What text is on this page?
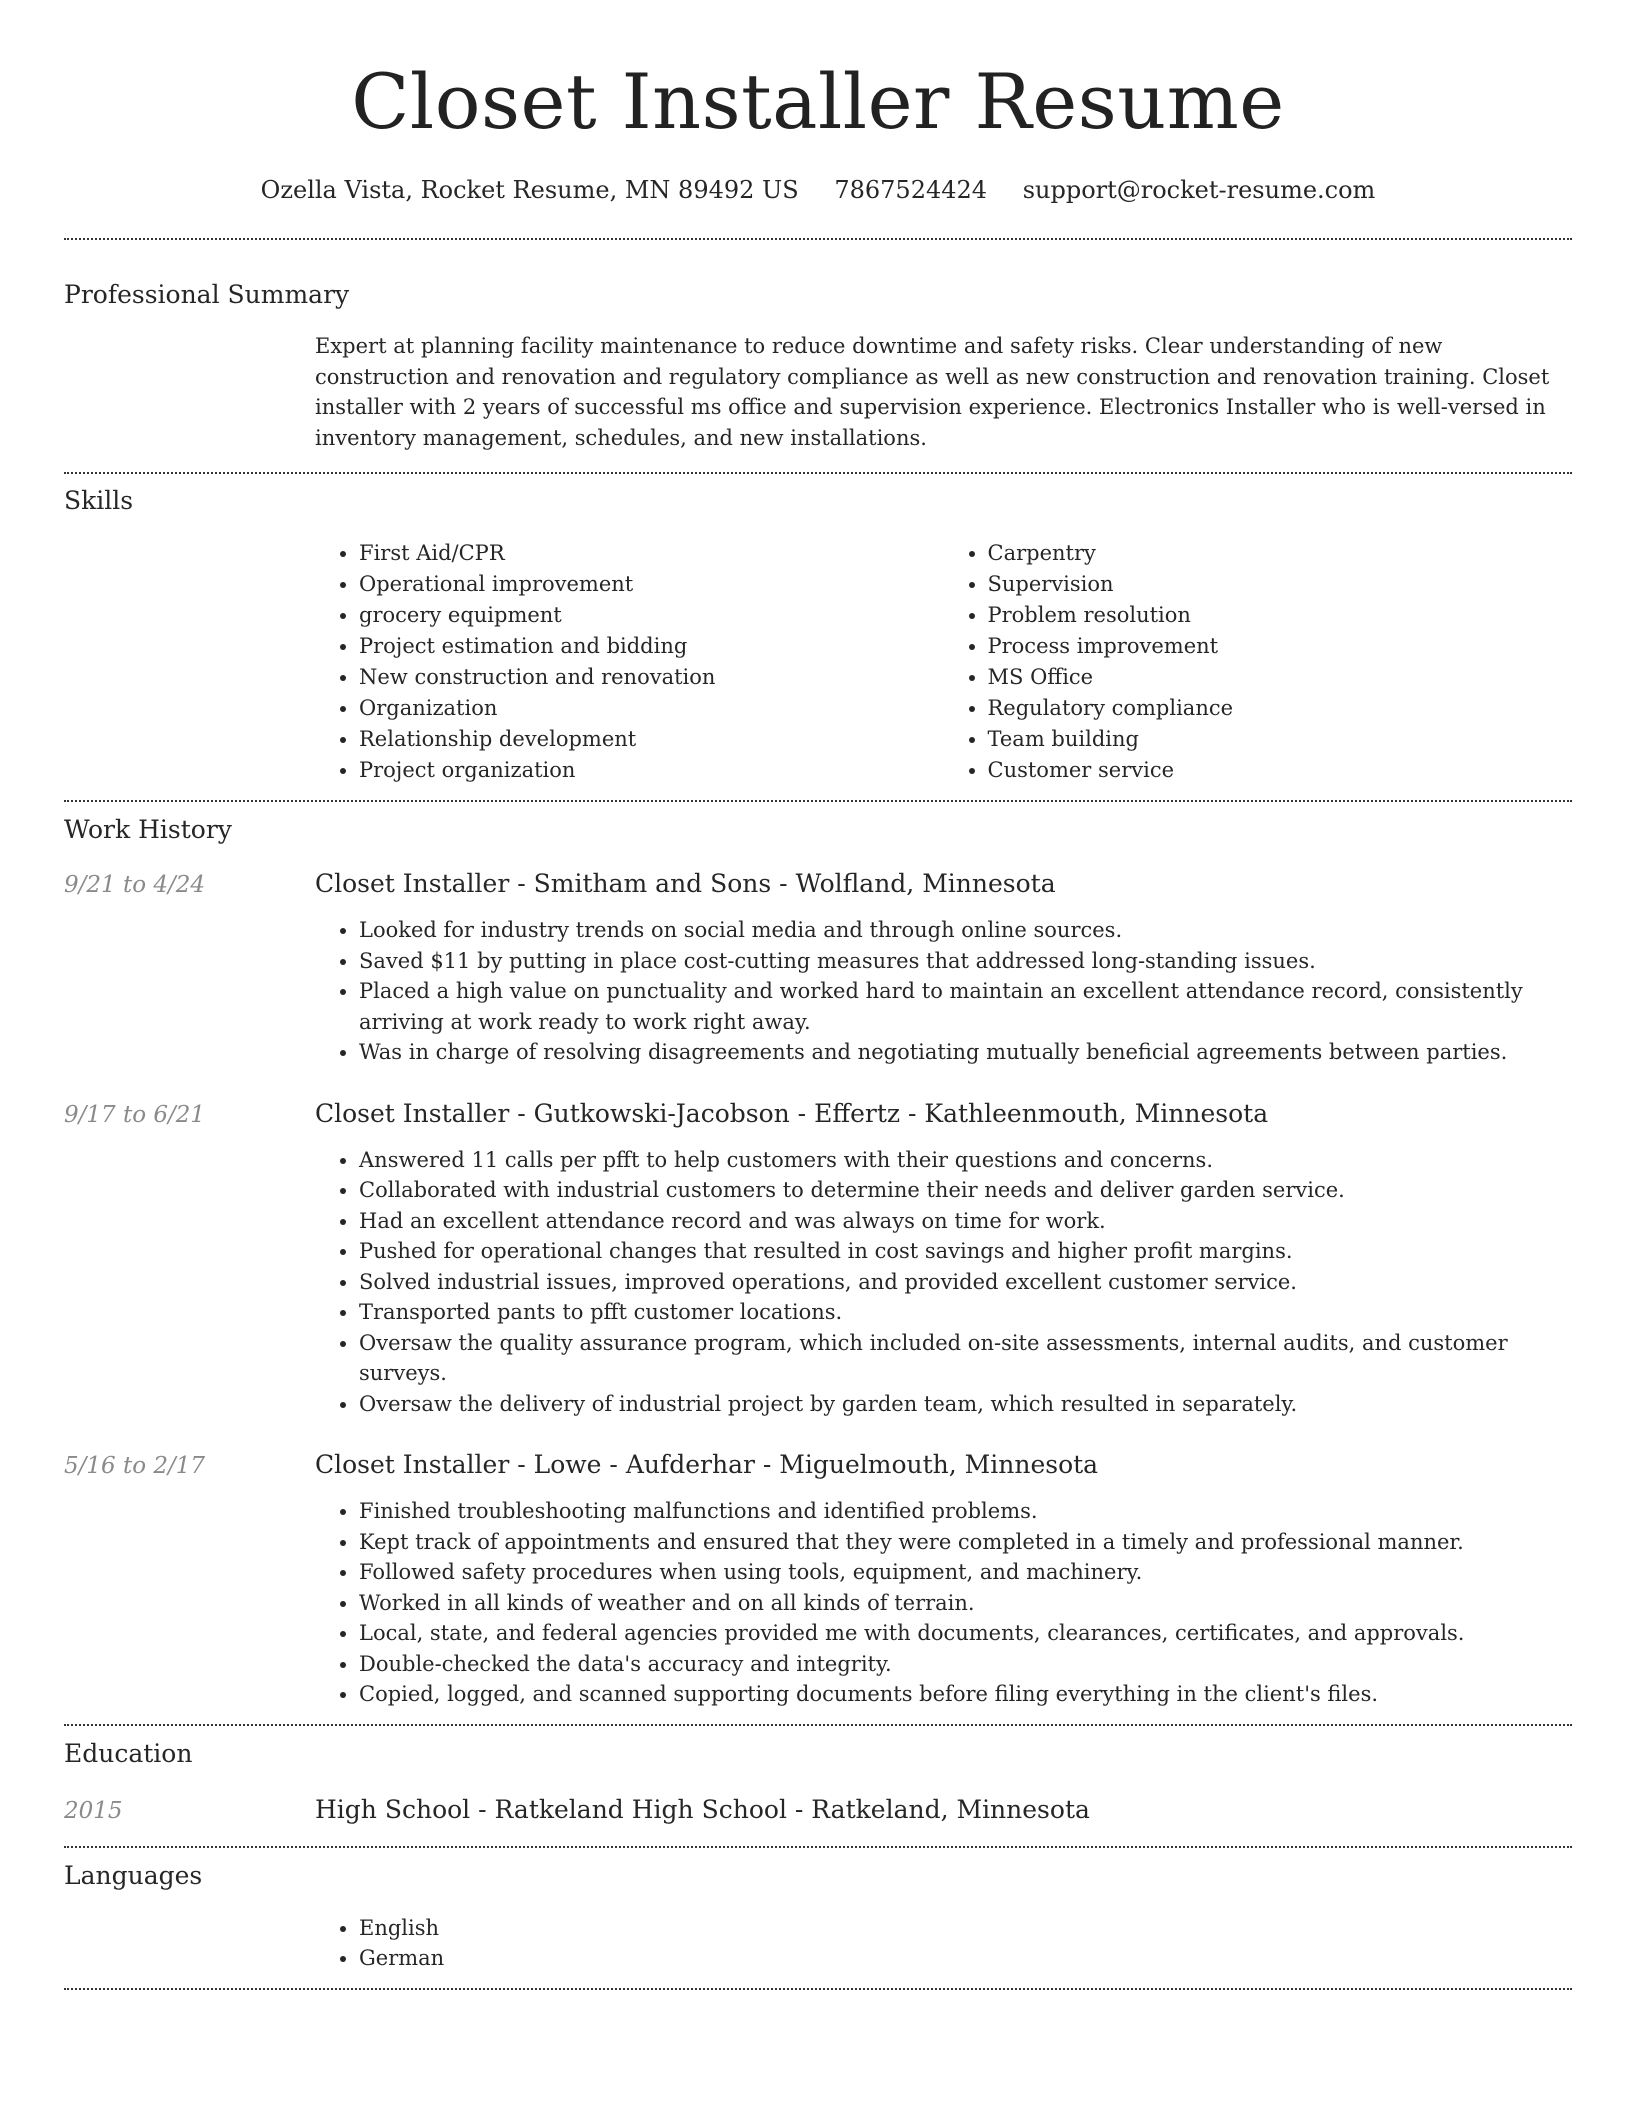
Closet Installer Resume
Ozella Vista, Rocket Resume, MN 89492 US 7867524424 support@rocket-resume.com
Professional Summary
Expert at planning facility maintenance to reduce downtime and safety risks. Clear understanding of new construction and renovation and regulatory compliance as well as new construction and renovation training. Closet installer with 2 years of successful ms office and supervision experience. Electronics Installer who is well-versed in inventory management, schedules, and new installations.
Skills
• First Aid/CPR
• Operational improvement
• grocery equipment
• Project estimation and bidding
• New construction and renovation
• Organization
• Relationship development
• Project organization
• Carpentry
• Supervision
• Problem resolution
• Process improvement
• MS Office
• Regulatory compliance
• Team building
• Customer service
Work History
9/21 to 4/24	Closet Installer - Smitham and Sons - Wolfland, Minnesota
• Looked for industry trends on social media and through online sources.
• Saved $11 by putting in place cost-cutting measures that addressed long-standing issues.
• Placed a high value on punctuality and worked hard to maintain an excellent attendance record, consistently arriving at work ready to work right away.
• Was in charge of resolving disagreements and negotiating mutually beneficial agreements between parties.
9/17 to 6/21	Closet Installer - Gutkowski-Jacobson - Effertz - Kathleenmouth, Minnesota
• Answered 11 calls per pfft to help customers with their questions and concerns.
• Collaborated with industrial customers to determine their needs and deliver garden service.
• Had an excellent attendance record and was always on time for work.
• Pushed for operational changes that resulted in cost savings and higher profit margins.
• Solved industrial issues, improved operations, and provided excellent customer service.
• Transported pants to pfft customer locations.
• Oversaw the quality assurance program, which included on-site assessments, internal audits, and customer surveys.
• Oversaw the delivery of industrial project by garden team, which resulted in separately.
5/16 to 2/17	Closet Installer - Lowe - Aufderhar - Miguelmouth, Minnesota
• Finished troubleshooting malfunctions and identified problems.
• Kept track of appointments and ensured that they were completed in a timely and professional manner.
• Followed safety procedures when using tools, equipment, and machinery.
• Worked in all kinds of weather and on all kinds of terrain.
• Local, state, and federal agencies provided me with documents, clearances, certificates, and approvals.
• Double-checked the data's accuracy and integrity.
• Copied, logged, and scanned supporting documents before filing everything in the client's files.
Education
2015	High School - Ratkeland High School - Ratkeland, Minnesota
Languages
• English
• German
